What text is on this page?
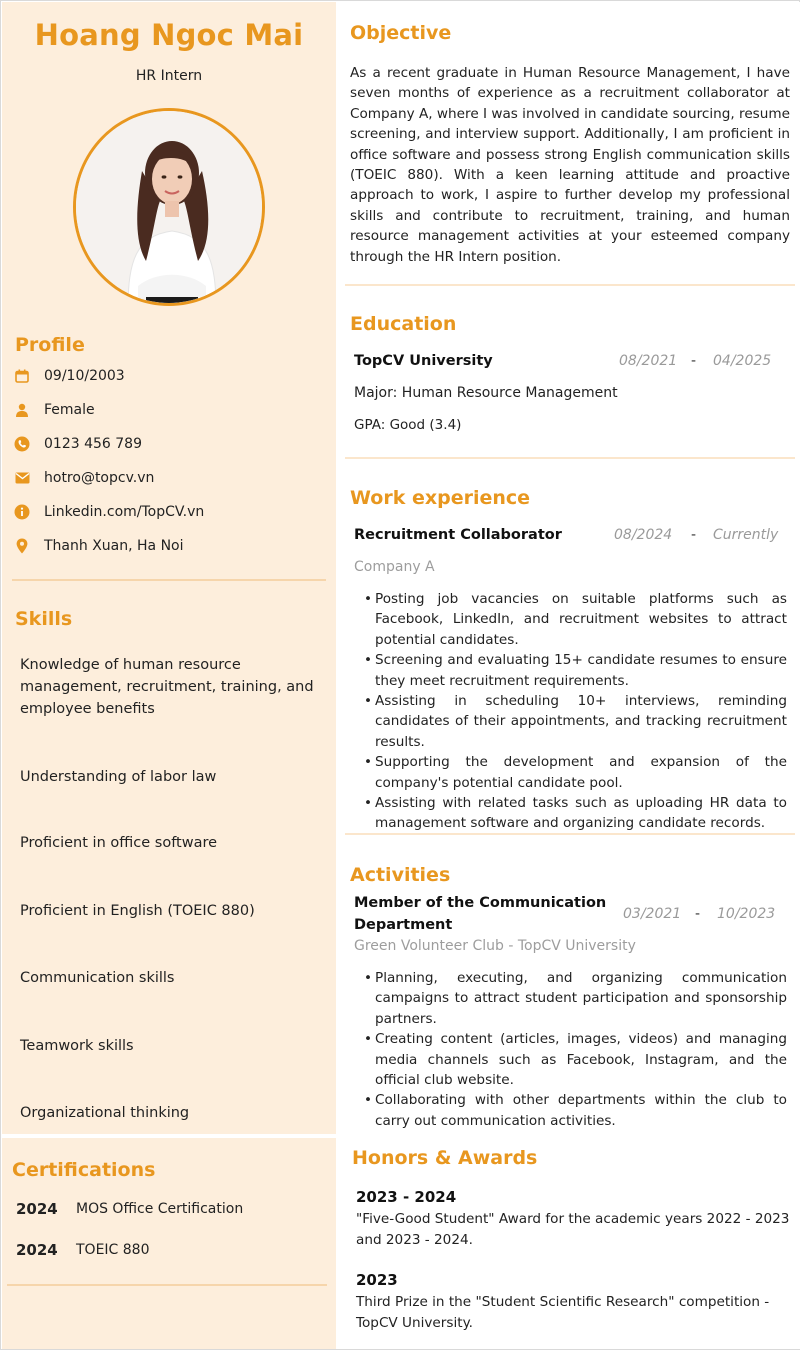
Hoang Ngoc Mai
HR Intern
Profile
09/10/2003
Female
0123 456 789
hotro@topcv.vn
Linkedin.com/TopCV.vn
Thanh Xuan, Ha Noi
Skills
Knowledge of human resource management, recruitment, training, and employee benefits
Understanding of labor law
Proficient in office software
Proficient in English (TOEIC 880)
Communication skills
Teamwork skills
Organizational thinking
Certifications
2024	MOS Office Certification
2024	TOEIC 880
Objective
As a recent graduate in Human Resource Management, I have seven months of experience as a recruitment collaborator at Company A, where I was involved in candidate sourcing, resume screening, and interview support. Additionally, I am proficient in office software and possess strong English communication skills (TOEIC 880). With a keen learning attitude and proactive approach to work, I aspire to further develop my professional skills and contribute to recruitment, training, and human resource management activities at your esteemed company through the HR Intern position.
Education
TopCV University	08/2021 - 04/2025
Major: Human Resource Management
GPA: Good (3.4)
Work experience
Recruitment Collaborator	08/2024 - Currently
Company A
• Posting job vacancies on suitable platforms such as Facebook, LinkedIn, and recruitment websites to attract potential candidates.
• Screening and evaluating 15+ candidate resumes to ensure they meet recruitment requirements.
• Assisting in scheduling 10+ interviews, reminding candidates of their appointments, and tracking recruitment results.
• Supporting the development and expansion of the company's potential candidate pool.
• Assisting with related tasks such as uploading HR data to management software and organizing candidate records.
Activities
Member of the Communication
Department
03/2021 - 10/2023
Green Volunteer Club - TopCV University
• Planning, executing, and organizing communication campaigns to attract student participation and sponsorship partners.
• Creating content (articles, images, videos) and managing media channels such as Facebook, Instagram, and the official club website.
• Collaborating with other departments within the club to carry out communication activities.
Honors & Awards
2023 - 2024
"Five-Good Student" Award for the academic years 2022 - 2023 and 2023 - 2024.
2023
Third Prize in the "Student Scientific Research" competition - TopCV University.
